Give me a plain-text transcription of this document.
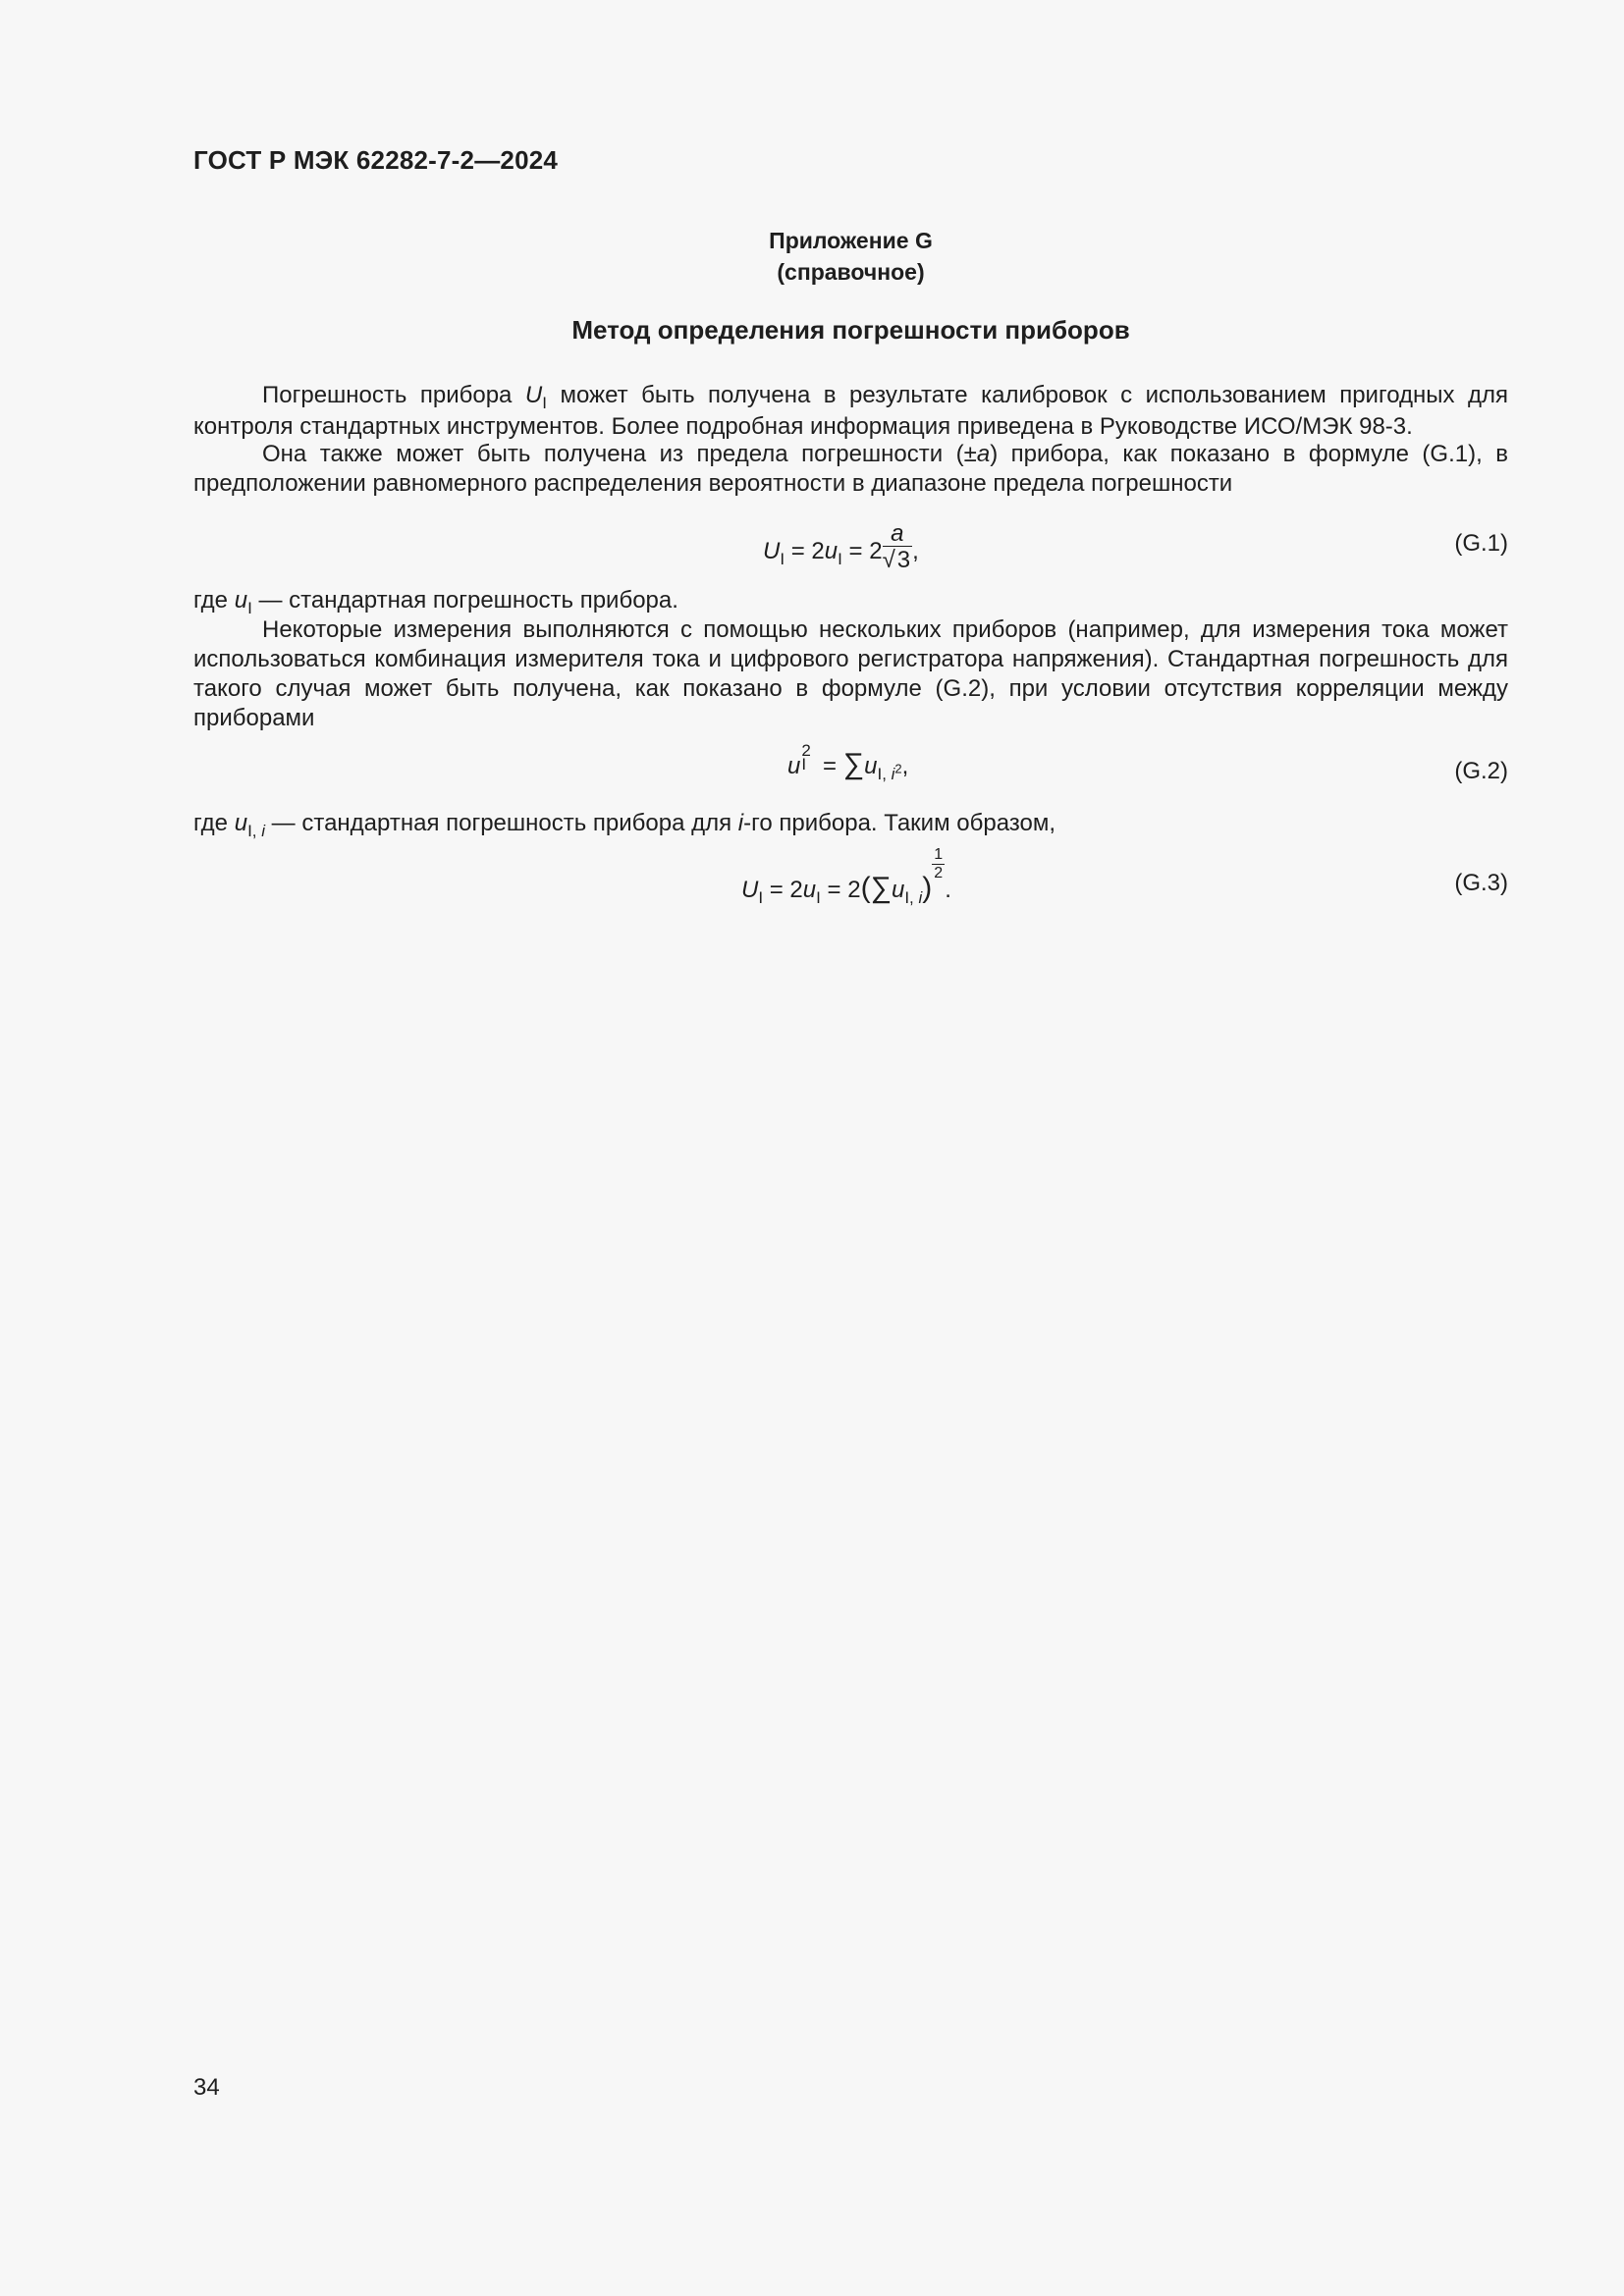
ГОСТ Р МЭК 62282-7-2—2024
Приложение G
(справочное)
Метод определения погрешности приборов
Погрешность прибора $U_I$ может быть получена в результате калибровок с использованием пригодных для контроля стандартных инструментов. Более подробная информация приведена в Руководстве ИСО/МЭК 98-3.
Она также может быть получена из предела погрешности (±a) прибора, как показано в формуле (G.1), в предположении равномерного распределения вероятности в диапазоне предела погрешности
$U_I = 2u_I = 2 \frac{a}{√3}$ ,	(G.1)
где $u_I$ — стандартная погрешность прибора.
Некоторые измерения выполняются с помощью нескольких приборов (например, для измерения тока может использоваться комбинация измерителя тока и цифрового регистратора напряжения). Стандартная погрешность для такого случая может быть получена, как показано в формуле (G.2), при условии отсутствия корреляции между приборами
u
2
$I = \sum u_{I, i^2}$,	(G.2)
где $u_{I, i}$ — стандартная погрешность прибора для i-го прибора. Таким образом,
$U_I = 2u_I = 2(\sum u_{I, i})$
$\frac{1}{2}$
.	(G.3)
34
